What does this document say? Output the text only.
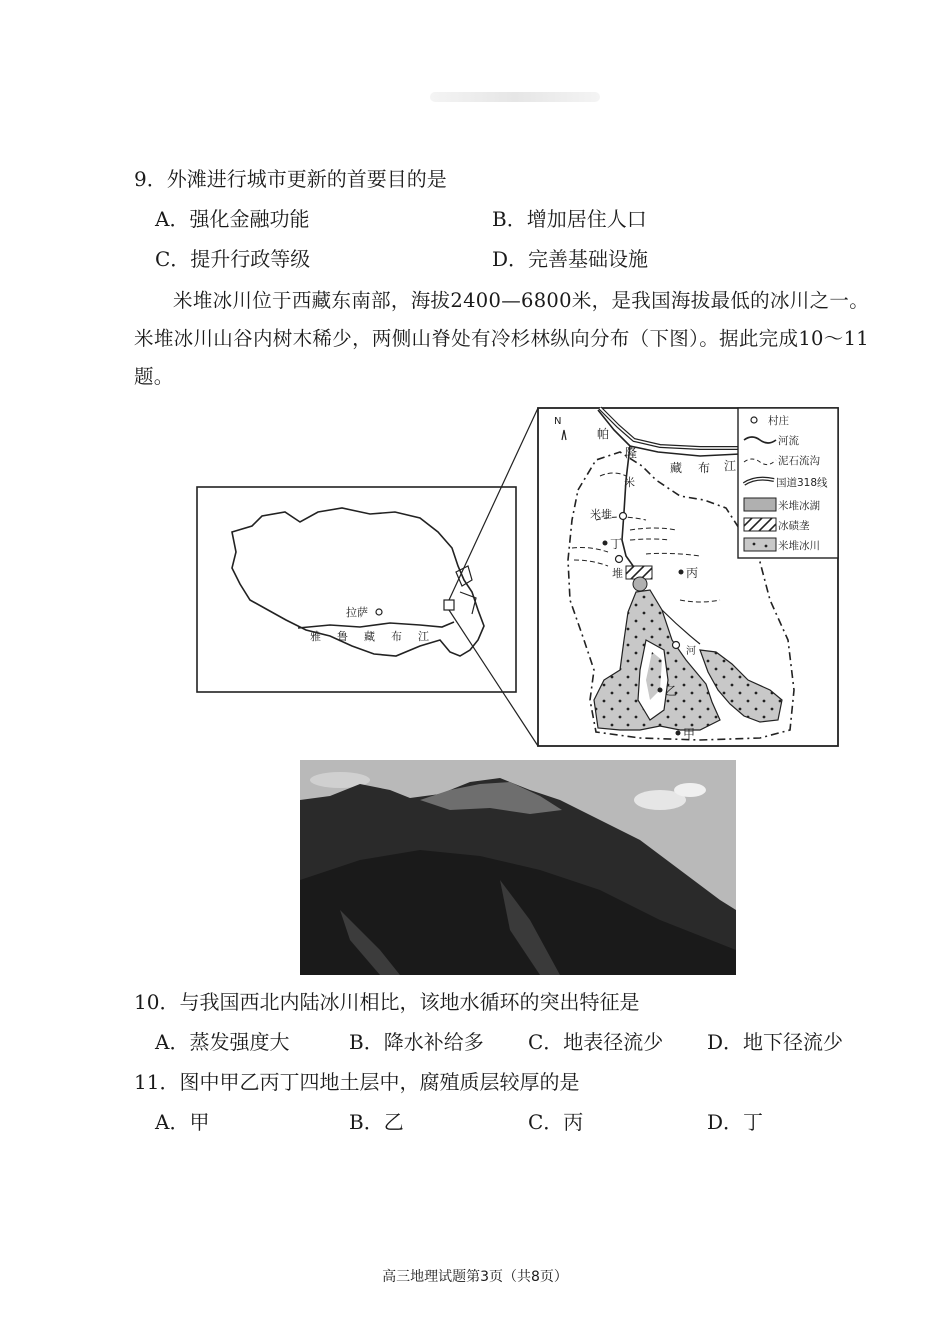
9．外滩进行城市更新的首要目的是
A．强化金融功能	B．增加居住人口
C．提升行政等级	D．完善基础设施

米堆冰川位于西藏东南部，海拔2400—6800米，是我国海拔最低的冰川之一。米堆冰川山谷内树木稀少，两侧山脊处有冷杉林纵向分布（下图）。据此完成10～11题。

拉萨
雅 鲁 藏 布 江
N
帕
隆
藏 布 江
米
堆
河
米堆
丁
丙
乙
甲
村庄
河流
泥石流沟
国道318线
米堆冰湖
冰碛垄
米堆冰川
10．与我国西北内陆冰川相比，该地水循环的突出特征是
A．蒸发强度大	B．降水补给多 C．地表径流少 D．地下径流少
11．图中甲乙丙丁四地土层中，腐殖质层较厚的是
A．甲	B．乙	C．丙	D．丁
高三地理试题第3页（共8页）
